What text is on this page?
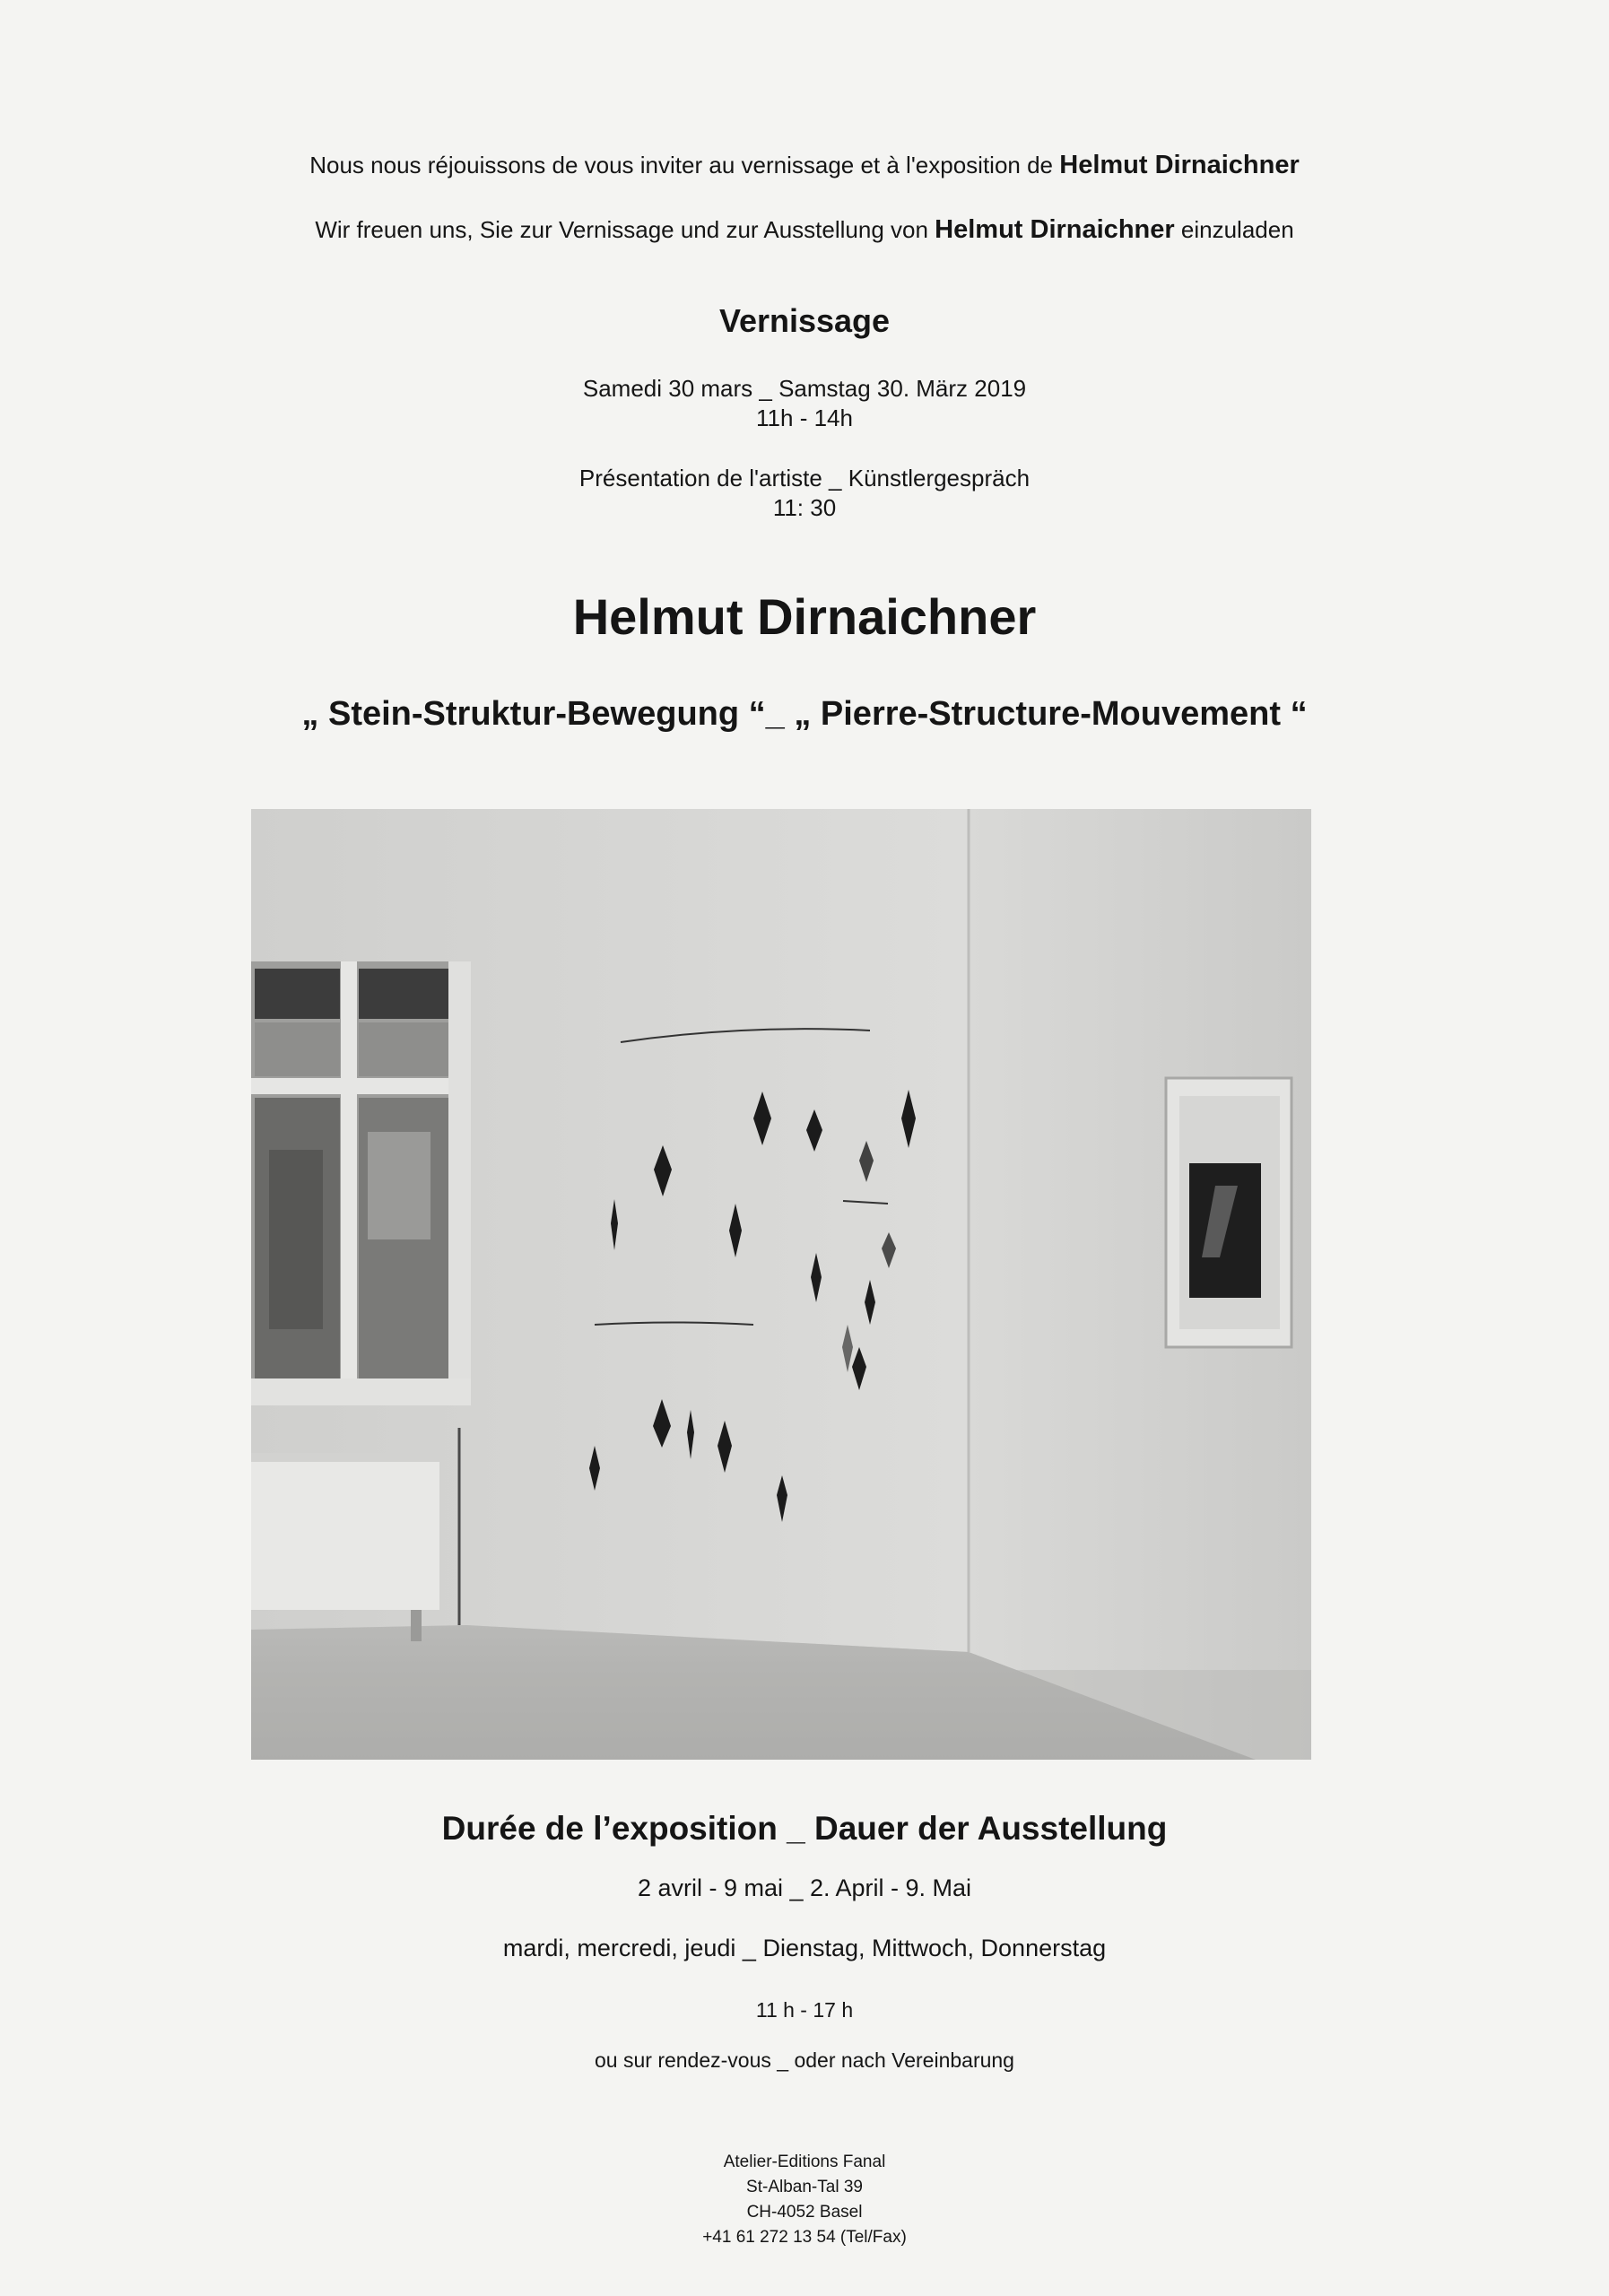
Nous nous réjouissons de vous inviter au vernissage et à l'exposition de Helmut Dirnaichner
Wir freuen uns, Sie zur Vernissage und zur Ausstellung von Helmut Dirnaichner einzuladen
Vernissage
Samedi 30 mars _ Samstag 30. März 2019
11h - 14h
Présentation de l'artiste _ Künstlergespräch
11: 30
Helmut Dirnaichner
„ Stein-Struktur-Bewegung “_ „ Pierre-Structure-Mouvement “
Durée de l’exposition _ Dauer der Ausstellung
2 avril - 9 mai _ 2. April - 9. Mai
mardi, mercredi, jeudi _ Dienstag, Mittwoch, Donnerstag
11 h - 17 h
ou sur rendez-vous _ oder nach Vereinbarung
Atelier-Editions Fanal
St-Alban-Tal 39
CH-4052 Basel
+41 61 272 13 54 (Tel/Fax)
